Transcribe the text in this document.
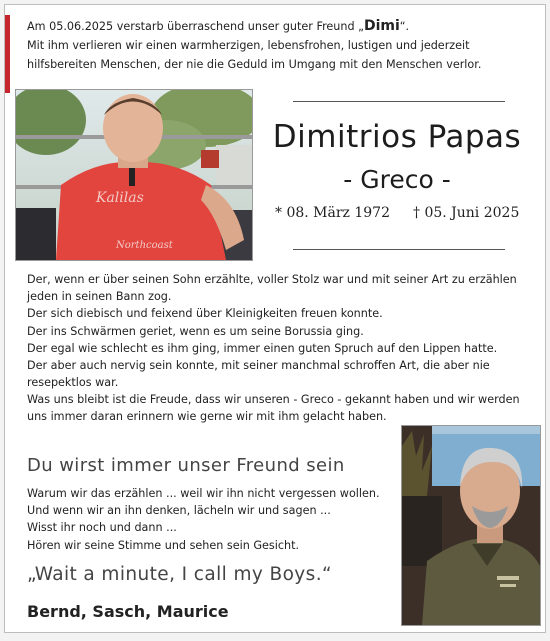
Am 05.06.2025 verstarb überraschend unser guter Freund „Dimi“.
Mit ihm verlieren wir einen warmherzigen, lebensfrohen, lustigen und jederzeit
hilfsbereiten Menschen, der nie die Geduld im Umgang mit den Menschen verlor.
Kalilas
Northcoast
Dimitrios Papas
- Greco -
* 08. März 1972 † 05. Juni 2025
Der, wenn er über seinen Sohn erzählte, voller Stolz war und mit seiner Art zu erzählen
jeden in seinen Bann zog.
Der sich diebisch und feixend über Kleinigkeiten freuen konnte.
Der ins Schwärmen geriet, wenn es um seine Borussia ging.
Der egal wie schlecht es ihm ging, immer einen guten Spruch auf den Lippen hatte.
Der aber auch nervig sein konnte, mit seiner manchmal schroffen Art, die aber nie
resepektlos war.
Was uns bleibt ist die Freude, dass wir unseren - Greco - gekannt haben und wir werden
uns immer daran erinnern wie gerne wir mit ihm gelacht haben.
Du wirst immer unser Freund sein
Warum wir das erzählen ... weil wir ihn nicht vergessen wollen.
Und wenn wir an ihn denken, lächeln wir und sagen ...
Wisst ihr noch und dann ...
Hören wir seine Stimme und sehen sein Gesicht.
„Wait a minute, I call my Boys.“
Bernd, Sasch, Maurice
